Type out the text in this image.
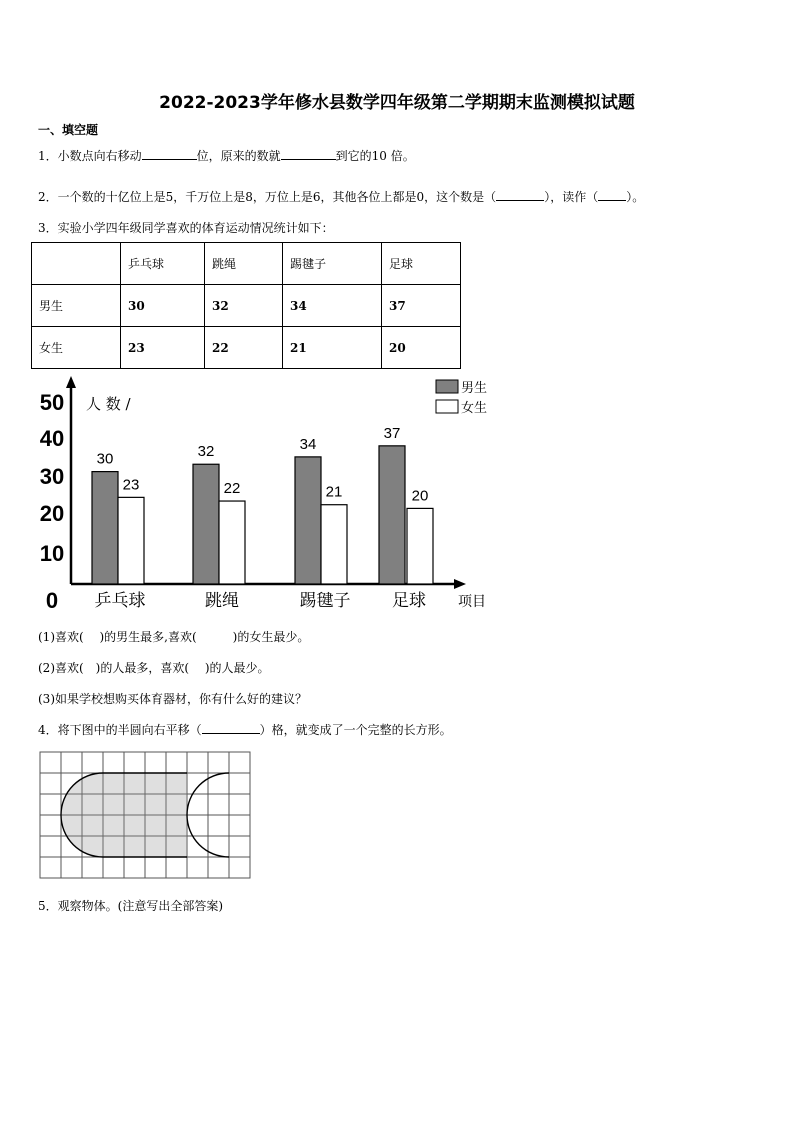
2022-2023学年修水县数学四年级第二学期期末监测模拟试题
一、填空题
1．小数点向右移动	位，原来的数就	到它的10 倍。
2．一个数的十亿位上是5，千万位上是8，万位上是6，其他各位上都是0，这个数是（	），读作（ ）。
3．实验小学四年级同学喜欢的体育运动情况统计如下：
	乒乓球	跳绳	踢毽子	足球
男生	30	32	34	37
女生	23	22	21	20
0
10
20
30
40
50 人 数 /
项目
乒乓球	跳绳	踢毽子 足球
30	32	34
37
23	22	21	20
男生
女生
(1)喜欢(　 )的男生最多,喜欢(　　　)的女生最少。
(2)喜欢(　)的人最多，喜欢(　 )的人最少。
(3)如果学校想购买体育器材，你有什么好的建议？
4．将下图中的半圆向右平移（	）格，就变成了一个完整的长方形。
5．观察物体。(注意写出全部答案)
